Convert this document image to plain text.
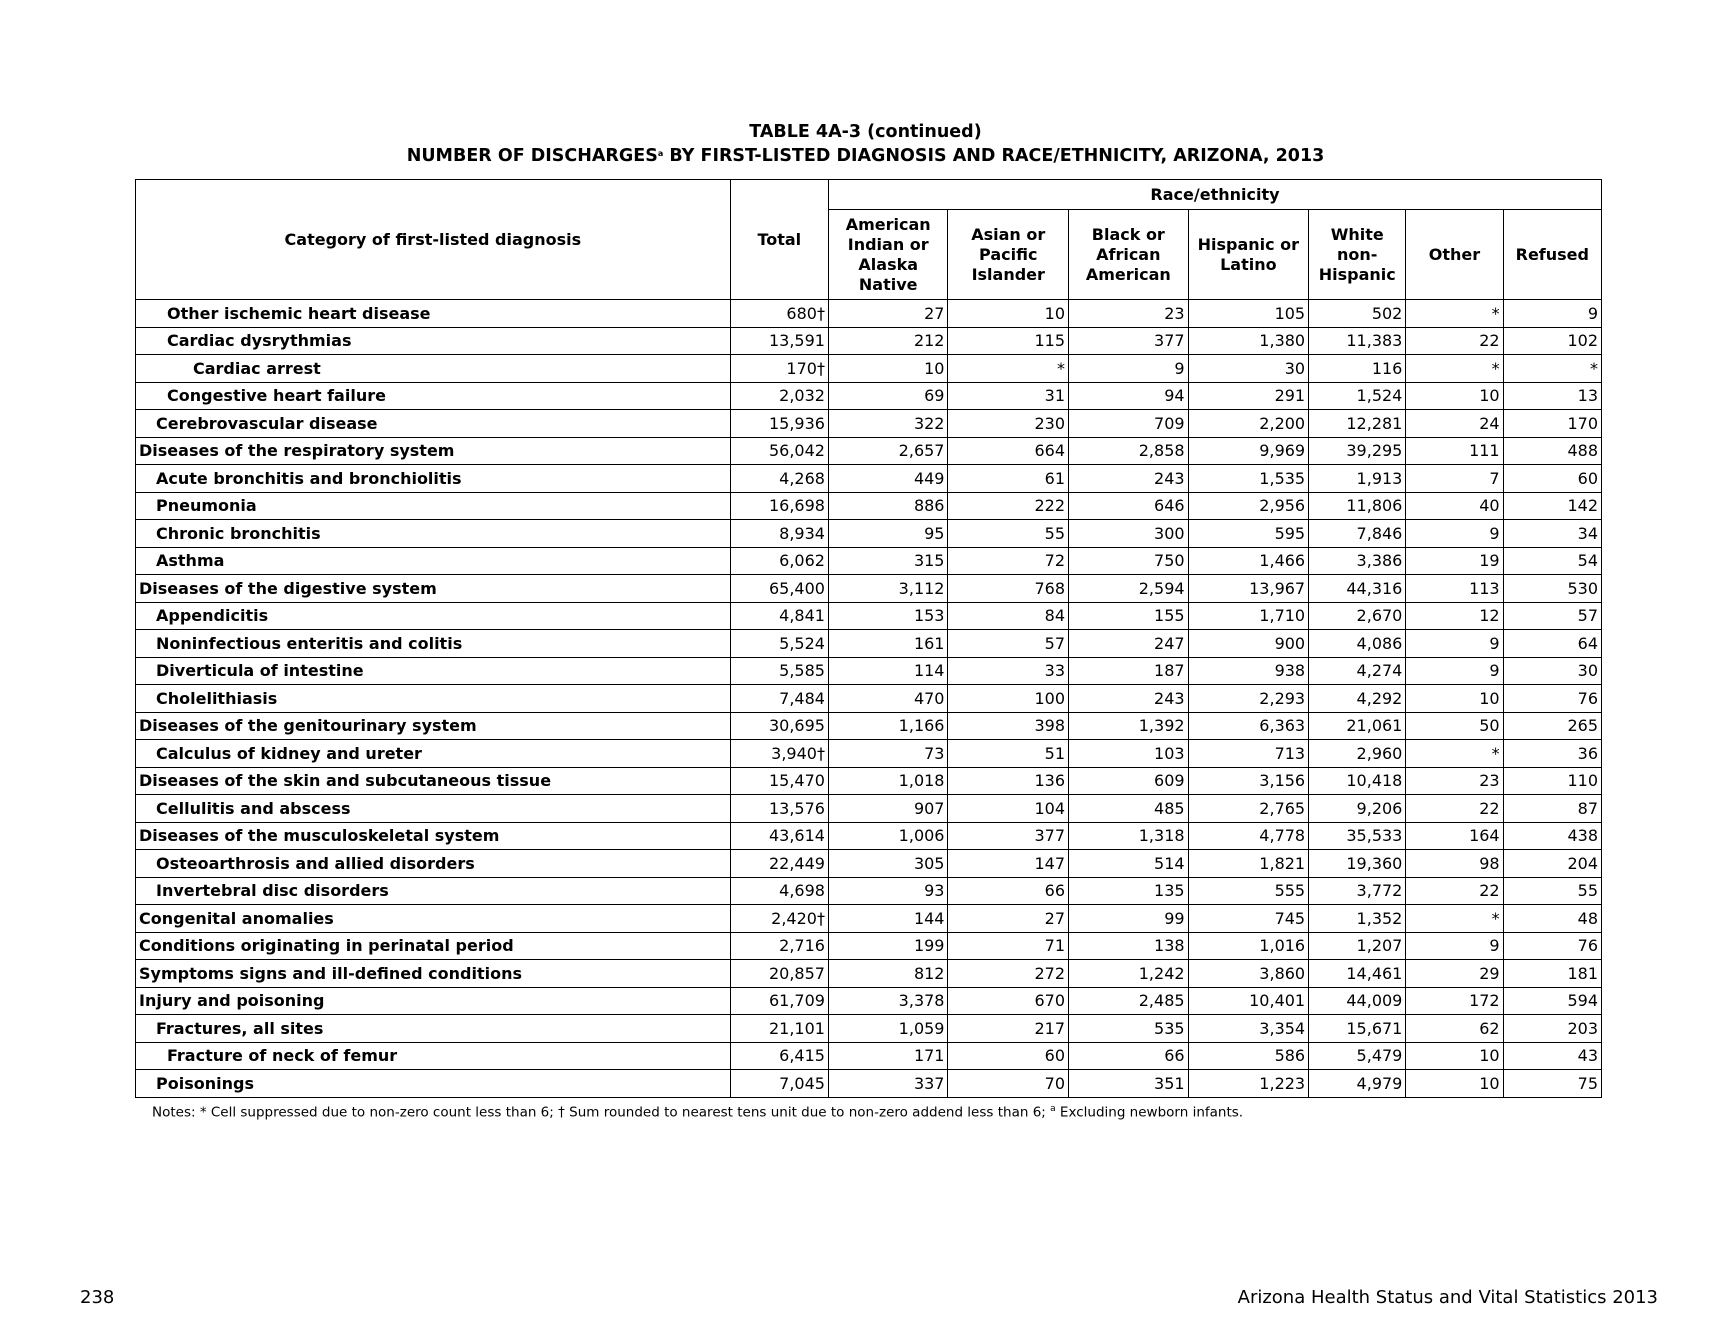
TABLE 4A-3 (continued)
NUMBER OF DISCHARGES$^a$ BY FIRST-LISTED DIAGNOSIS AND RACE/ETHNICITY, ARIZONA, 2013
Category of first-listed diagnosis	Total	Race/ethnicity						
		American Indian or Alaska Native	Asian or Pacific Islander	Black or African American	Hispanic or Latino	White non-Hispanic	Other	Refused
Other ischemic heart disease	680†	27	10	23	105	502	*	9
Cardiac dysrythmias	13,591	212	115	377	1,380	11,383	22	102
Cardiac arrest	170†	10	*	9	30	116	*	*
Congestive heart failure	2,032	69	31	94	291	1,524	10	13
Cerebrovascular disease	15,936	322	230	709	2,200	12,281	24	170
Diseases of the respiratory system	56,042	2,657	664	2,858	9,969	39,295	111	488
Acute bronchitis and bronchiolitis	4,268	449	61	243	1,535	1,913	7	60
Pneumonia	16,698	886	222	646	2,956	11,806	40	142
Chronic bronchitis	8,934	95	55	300	595	7,846	9	34
Asthma	6,062	315	72	750	1,466	3,386	19	54
Diseases of the digestive system	65,400	3,112	768	2,594	13,967	44,316	113	530
Appendicitis	4,841	153	84	155	1,710	2,670	12	57
Noninfectious enteritis and colitis	5,524	161	57	247	900	4,086	9	64
Diverticula of intestine	5,585	114	33	187	938	4,274	9	30
Cholelithiasis	7,484	470	100	243	2,293	4,292	10	76
Diseases of the genitourinary system	30,695	1,166	398	1,392	6,363	21,061	50	265
Calculus of kidney and ureter	3,940†	73	51	103	713	2,960	*	36
Diseases of the skin and subcutaneous tissue	15,470	1,018	136	609	3,156	10,418	23	110
Cellulitis and abscess	13,576	907	104	485	2,765	9,206	22	87
Diseases of the musculoskeletal system	43,614	1,006	377	1,318	4,778	35,533	164	438
Osteoarthrosis and allied disorders	22,449	305	147	514	1,821	19,360	98	204
Invertebral disc disorders	4,698	93	66	135	555	3,772	22	55
Congenital anomalies	2,420†	144	27	99	745	1,352	*	48
Conditions originating in perinatal period	2,716	199	71	138	1,016	1,207	9	76
Symptoms signs and ill-defined conditions	20,857	812	272	1,242	3,860	14,461	29	181
Injury and poisoning	61,709	3,378	670	2,485	10,401	44,009	172	594
Fractures, all sites	21,101	1,059	217	535	3,354	15,671	62	203
Fracture of neck of femur	6,415	171	60	66	586	5,479	10	43
Poisonings	7,045	337	70	351	1,223	4,979	10	75
Notes: * Cell suppressed due to non-zero count less than 6; † Sum rounded to nearest tens unit due to non-zero addend less than 6; $^a$ Excluding newborn infants.
238	Arizona Health Status and Vital Statistics 2013
